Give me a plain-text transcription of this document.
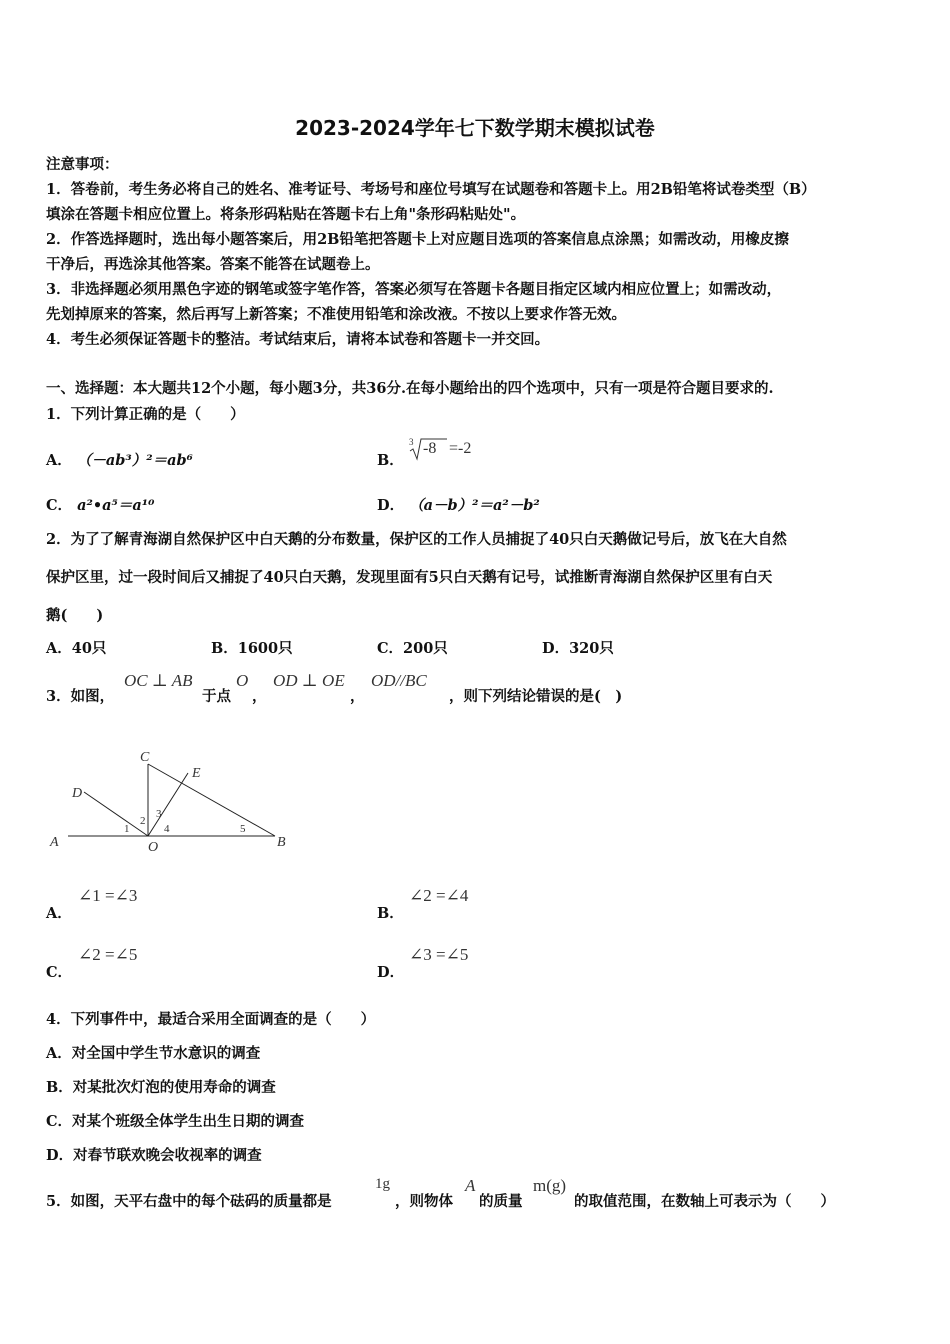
2023-2024学年七下数学期末模拟试卷
注意事项：
1．答卷前，考生务必将自己的姓名、准考证号、考场号和座位号填写在试题卷和答题卡上。用2B铅笔将试卷类型（B）
填涂在答题卡相应位置上。将条形码粘贴在答题卡右上角"条形码粘贴处"。
2．作答选择题时，选出每小题答案后，用2B铅笔把答题卡上对应题目选项的答案信息点涂黑；如需改动，用橡皮擦
干净后，再选涂其他答案。答案不能答在试题卷上。
3．非选择题必须用黑色字迹的钢笔或签字笔作答，答案必须写在答题卡各题目指定区域内相应位置上；如需改动，
先划掉原来的答案，然后再写上新答案；不准使用铅笔和涂改液。不按以上要求作答无效。
4．考生必须保证答题卡的整洁。考试结束后，请将本试卷和答题卡一并交回。
一、选择题：本大题共12个小题，每小题3分，共36分.在每小题给出的四个选项中，只有一项是符合题目要求的.
1．下列计算正确的是（　　）
A． （－ab³）²＝ab⁶	B．
3 -8 =-2
C． a²•a⁵＝a¹⁰	D． （a－b）²＝a²－b²
2．为了了解青海湖自然保护区中白天鹅的分布数量，保护区的工作人员捕捉了40只白天鹅做记号后，放飞在大自然
保护区里，过一段时间后又捕捉了40只白天鹅，发现里面有5只白天鹅有记号，试推断青海湖自然保护区里有白天
鹅(　　)
A．40只	B．1600只	C．200只	D．320只
3．如图，
OC ⊥ AB
于点
O
，
OD ⊥ OE
，
OD//BC
，则下列结论错误的是(　)
A	B
C
D
E
O
1
2
3
4	5
A．
∠1 =∠3
B．
∠2 =∠4
C．
∠2 =∠5
D．
∠3 =∠5
4．下列事件中，最适合采用全面调查的是（　　）
A．对全国中学生节水意识的调查
B．对某批次灯泡的使用寿命的调查
C．对某个班级全体学生出生日期的调查
D．对春节联欢晚会收视率的调查
5．如图，天平右盘中的每个砝码的质量都是
1g
，则物体
A
的质量
m(g)
的取值范围，在数轴上可表示为（　　）
